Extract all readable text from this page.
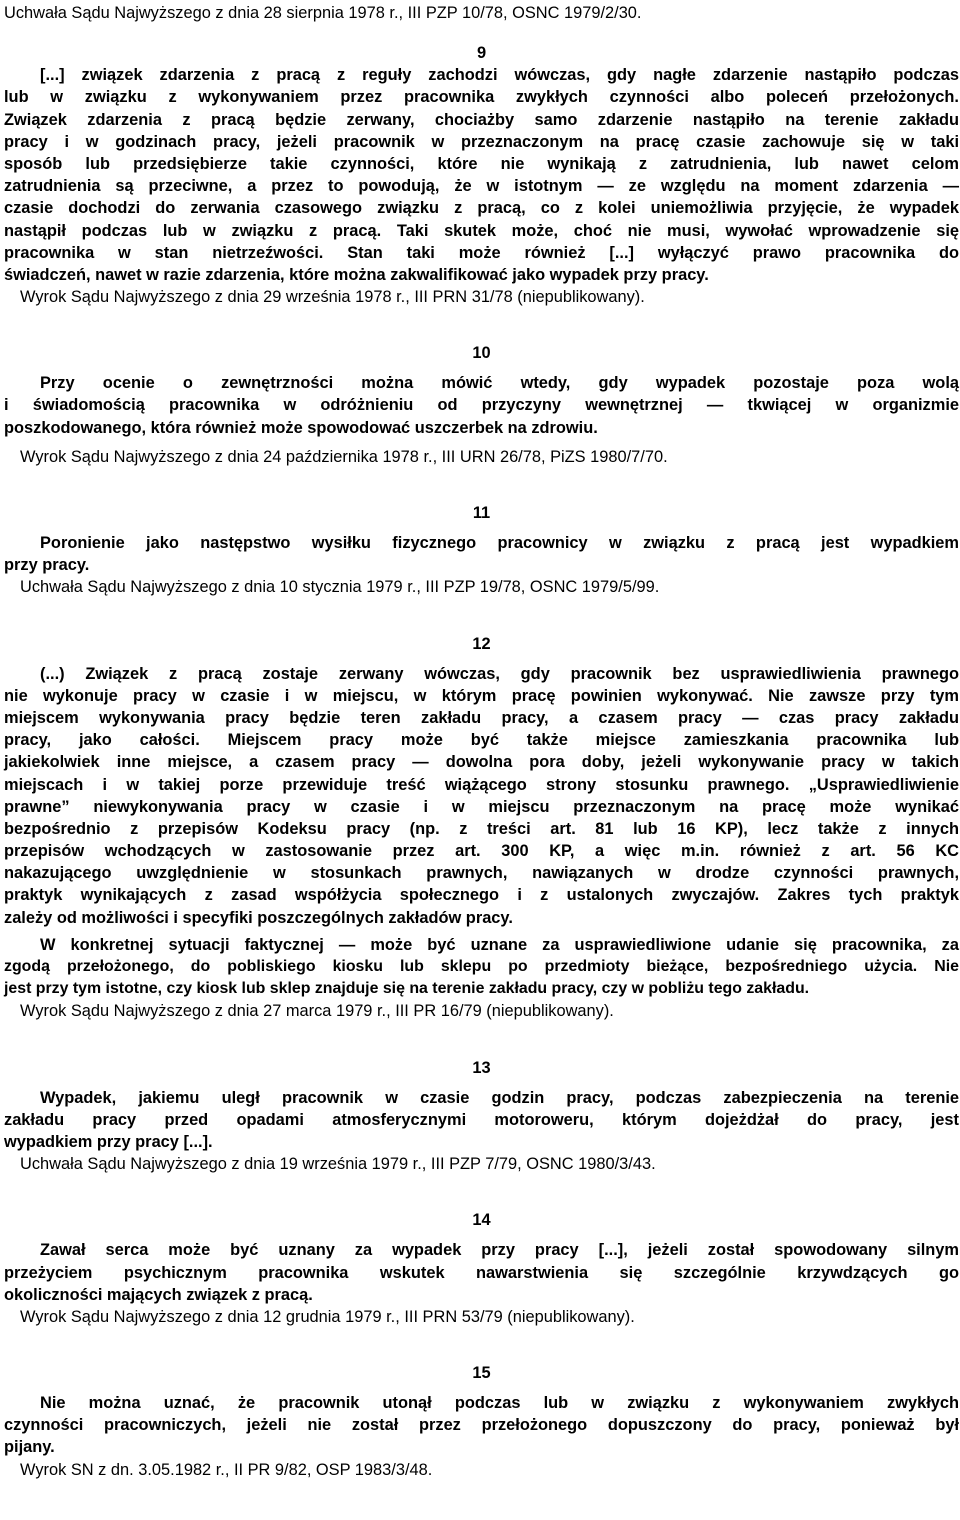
Uchwała Sądu Najwyższego z dnia 28 sierpnia 1978 r., III PZP 10/78, OSNC 1979/2/30.
9
[...] związek zdarzenia z pracą z reguły zachodzi wówczas, gdy nagłe zdarzenie nastąpiło podczas
lub w związku z wykonywaniem przez pracownika zwykłych czynności albo poleceń przełożonych.
Związek zdarzenia z pracą będzie zerwany, chociażby samo zdarzenie nastąpiło na terenie zakładu
pracy i w godzinach pracy, jeżeli pracownik w przeznaczonym na pracę czasie zachowuje się w taki
sposób lub przedsiębierze takie czynności, które nie wynikają z zatrudnienia, lub nawet celom
zatrudnienia są przeciwne, a przez to powodują, że w istotnym — ze względu na moment zdarzenia —
czasie dochodzi do zerwania czasowego związku z pracą, co z kolei uniemożliwia przyjęcie, że wypadek
nastąpił podczas lub w związku z pracą. Taki skutek może, choć nie musi, wywołać wprowadzenie się
pracownika w stan nietrzeźwości. Stan taki może również [...] wyłączyć prawo pracownika do
świadczeń, nawet w razie zdarzenia, które można zakwalifikować jako wypadek przy pracy.
Wyrok Sądu Najwyższego z dnia 29 września 1978 r., III PRN 31/78 (niepublikowany).
10
Przy ocenie o zewnętrzności można mówić wtedy, gdy wypadek pozostaje poza wolą
i świadomością pracownika w odróżnieniu od przyczyny wewnętrznej — tkwiącej w organizmie
poszkodowanego, która również może spowodować uszczerbek na zdrowiu.
Wyrok Sądu Najwyższego z dnia 24 października 1978 r., III URN 26/78, PiZS 1980/7/70.
11
Poronienie jako następstwo wysiłku fizycznego pracownicy w związku z pracą jest wypadkiem
przy pracy.
Uchwała Sądu Najwyższego z dnia 10 stycznia 1979 r., III PZP 19/78, OSNC 1979/5/99.
12
(...) Związek z pracą zostaje zerwany wówczas, gdy pracownik bez usprawiedliwienia prawnego
nie wykonuje pracy w czasie i w miejscu, w którym pracę powinien wykonywać. Nie zawsze przy tym
miejscem wykonywania pracy będzie teren zakładu pracy, a czasem pracy — czas pracy zakładu
pracy, jako całości. Miejscem pracy może być także miejsce zamieszkania pracownika lub
jakiekolwiek inne miejsce, a czasem pracy — dowolna pora doby, jeżeli wykonywanie pracy w takich
miejscach i w takiej porze przewiduje treść wiążącego strony stosunku prawnego. „Usprawiedliwienie
prawne” niewykonywania pracy w czasie i w miejscu przeznaczonym na pracę może wynikać
bezpośrednio z przepisów Kodeksu pracy (np. z treści art. 81 lub 16 KP), lecz także z innych
przepisów wchodzących w zastosowanie przez art. 300 KP, a więc m.in. również z art. 56 KC
nakazującego uwzględnienie w stosunkach prawnych, nawiązanych w drodze czynności prawnych,
praktyk wynikających z zasad współżycia społecznego i z ustalonych zwyczajów. Zakres tych praktyk
zależy od możliwości i specyfiki poszczególnych zakładów pracy.
W konkretnej sytuacji faktycznej — może być uznane za usprawiedliwione udanie się pracownika, za
zgodą przełożonego, do pobliskiego kiosku lub sklepu po przedmioty bieżące, bezpośredniego użycia. Nie
jest przy tym istotne, czy kiosk lub sklep znajduje się na terenie zakładu pracy, czy w pobliżu tego zakładu.
Wyrok Sądu Najwyższego z dnia 27 marca 1979 r., III PR 16/79 (niepublikowany).
13
Wypadek, jakiemu uległ pracownik w czasie godzin pracy, podczas zabezpieczenia na terenie
zakładu pracy przed opadami atmosferycznymi motoroweru, którym dojeżdżał do pracy, jest
wypadkiem przy pracy [...].
Uchwała Sądu Najwyższego z dnia 19 września 1979 r., III PZP 7/79, OSNC 1980/3/43.
14
Zawał serca może być uznany za wypadek przy pracy [...], jeżeli został spowodowany silnym
przeżyciem psychicznym pracownika wskutek nawarstwienia się szczególnie krzywdzących go
okoliczności mających związek z pracą.
Wyrok Sądu Najwyższego z dnia 12 grudnia 1979 r., III PRN 53/79 (niepublikowany).
15
Nie można uznać, że pracownik utonął podczas lub w związku z wykonywaniem zwykłych
czynności pracowniczych, jeżeli nie został przez przełożonego dopuszczony do pracy, ponieważ był
pijany.
Wyrok SN z dn. 3.05.1982 r., II PR 9/82, OSP 1983/3/48.
